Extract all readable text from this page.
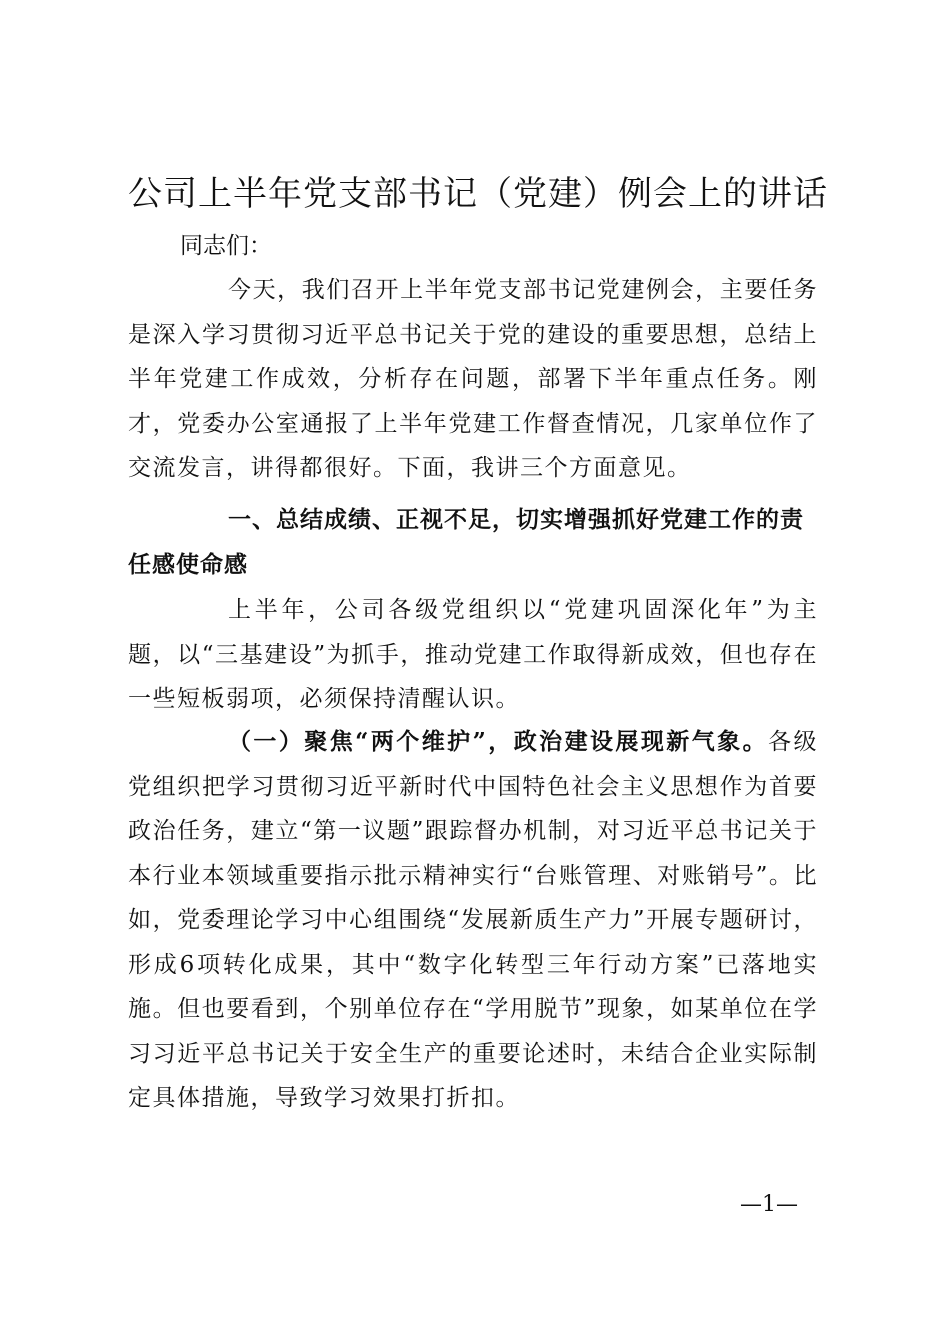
公司上半年党支部书记（党建）例会上的讲话

同志们：

今天，我们召开上半年党支部书记党建例会，主要任务是深入学习贯彻习近平总书记关于党的建设的重要思想，总结上半年党建工作成效，分析存在问题，部署下半年重点任务。刚才，党委办公室通报了上半年党建工作督查情况，几家单位作了交流发言，讲得都很好。下面，我讲三个方面意见。

一、总结成绩、正视不足，切实增强抓好党建工作的责任感使命感

上半年，公司各级党组织以“党建巩固深化年”为主题，以“三基建设”为抓手，推动党建工作取得新成效，但也存在一些短板弱项，必须保持清醒认识。

（一）聚焦“两个维护”，政治建设展现新气象。各级党组织把学习贯彻习近平新时代中国特色社会主义思想作为首要政治任务，建立“第一议题”跟踪督办机制，对习近平总书记关于本行业本领域重要指示批示精神实行“台账管理、对账销号”。比如，党委理论学习中心组围绕“发展新质生产力”开展专题研讨，形成6项转化成果，其中“数字化转型三年行动方案”已落地实施。但也要看到，个别单位存在“学用脱节”现象，如某单位在学习习近平总书记关于安全生产的重要论述时，未结合企业实际制定具体措施，导致学习效果打折扣。

—1—
